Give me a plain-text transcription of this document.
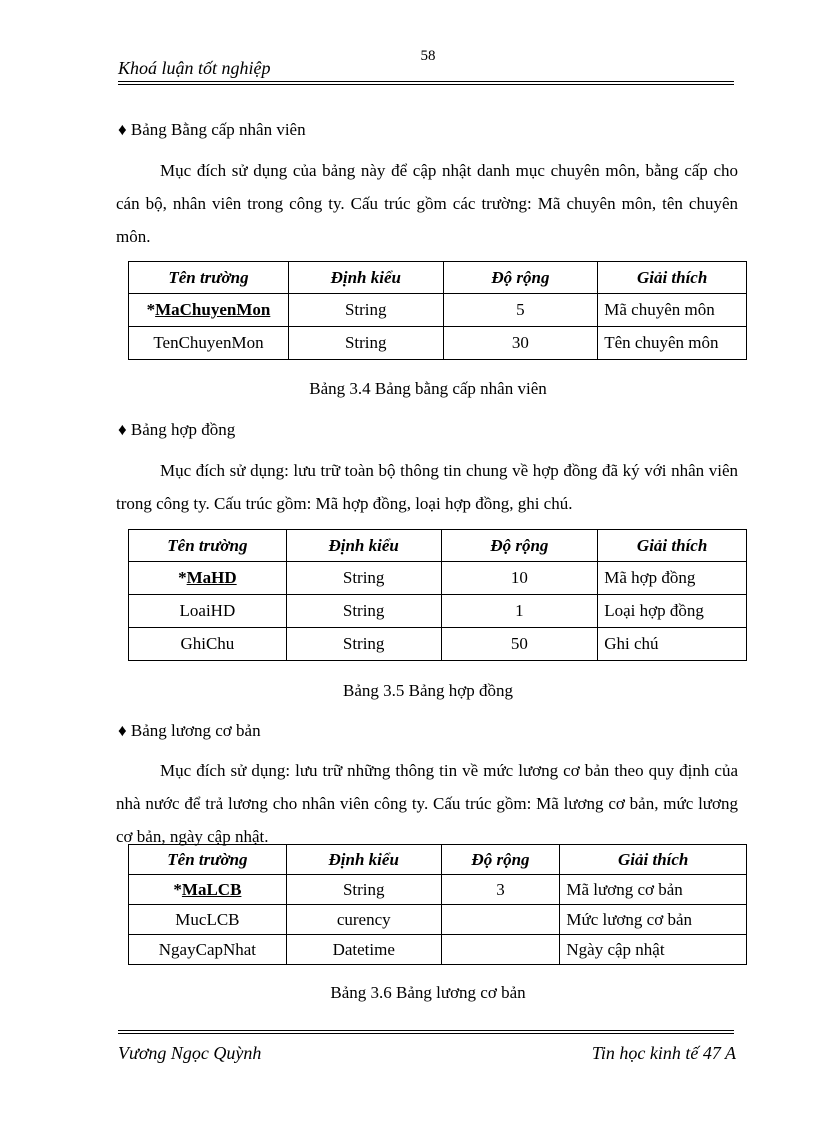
58
Khoá luận tốt nghiệp
♦ Bảng Bằng cấp nhân viên

Mục đích sử dụng của bảng này để cập nhật danh mục chuyên môn, bằng cấp cho cán bộ, nhân viên trong công ty. Cấu trúc gồm các trường: Mã chuyên môn, tên chuyên môn.

Tên trường	Định kiểu	Độ rộng	Giải thích
*MaChuyenMon	String	5	Mã chuyên môn
TenChuyenMon	String	30	Tên chuyên môn
Bảng 3.4 Bảng bằng cấp nhân viên
♦ Bảng hợp đồng

Mục đích sử dụng: lưu trữ toàn bộ thông tin chung về hợp đồng đã ký với nhân viên trong công ty. Cấu trúc gồm: Mã hợp đồng, loại hợp đồng, ghi chú.

Tên trường	Định kiểu	Độ rộng	Giải thích
*MaHD	String	10	Mã hợp đồng
LoaiHD	String	1	Loại hợp đồng
GhiChu	String	50	Ghi chú
Bảng 3.5 Bảng hợp đồng
♦ Bảng lương cơ bản

Mục đích sử dụng: lưu trữ những thông tin về mức lương cơ bản theo quy định của nhà nước để trả lương cho nhân viên công ty. Cấu trúc gồm: Mã lương cơ bản, mức lương cơ bản, ngày cập nhật.

Tên trường	Định kiểu	Độ rộng	Giải thích
*MaLCB	String	3	Mã lương cơ bản
MucLCB	curency		Mức lương cơ bản
NgayCapNhat	Datetime		Ngày cập nhật
Bảng 3.6 Bảng lương cơ bản
Vương Ngọc Quỳnh	Tin học kinh tế 47 A
